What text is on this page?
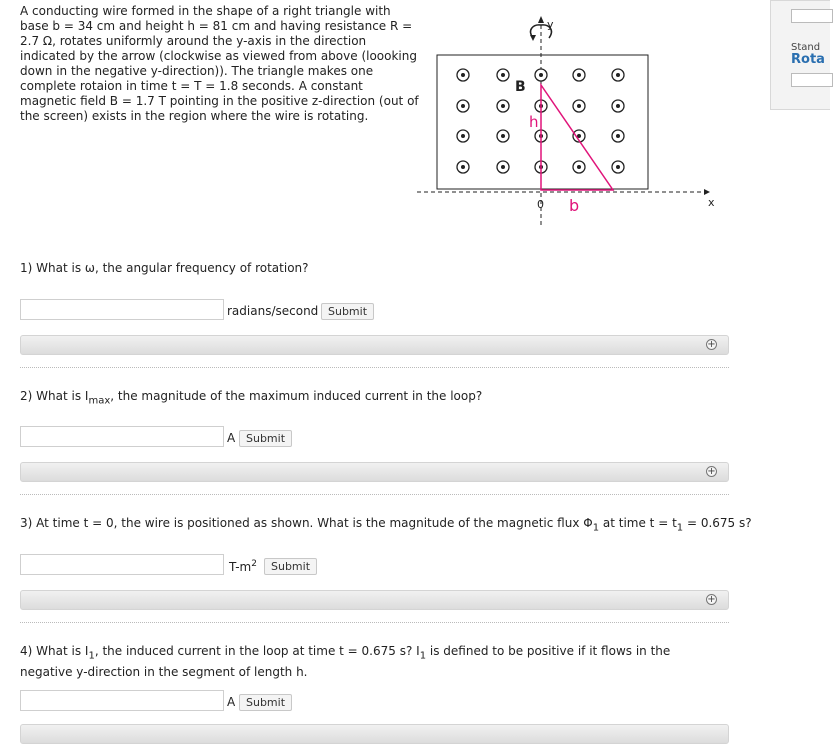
A conducting wire formed in the shape of a right triangle with base b = 34 cm and height h = 81 cm and having resistance R = 2.7 Ω, rotates uniformly around the y-axis in the direction indicated by the arrow (clockwise as viewed from above (loooking down in the negative y-direction)). The triangle makes one complete rotaion in time t = T = 1.8 seconds. A constant magnetic field B = 1.7 T pointing in the positive z-direction (out of the screen) exists in the region where the wire is rotating.
y
x
0
B
h
b
1) What is ω, the angular frequency of rotation?
radians/second Submit
+
2) What is $I_{max}$, the magnitude of the maximum induced current in the loop?
A Submit
+
3) At time t = 0, the wire is positioned as shown. What is the magnitude of the magnetic flux $\Phi_1$ at time $t = t_1 = 0.675$ s?
$T-m^2$	Submit
+
4) What is $I_1$, the induced current in the loop at time t = 0.675 s? $I_1$ is defined to be positive if it flows in the negative y-direction in the segment of length h.
A Submit
Stand
Rota
